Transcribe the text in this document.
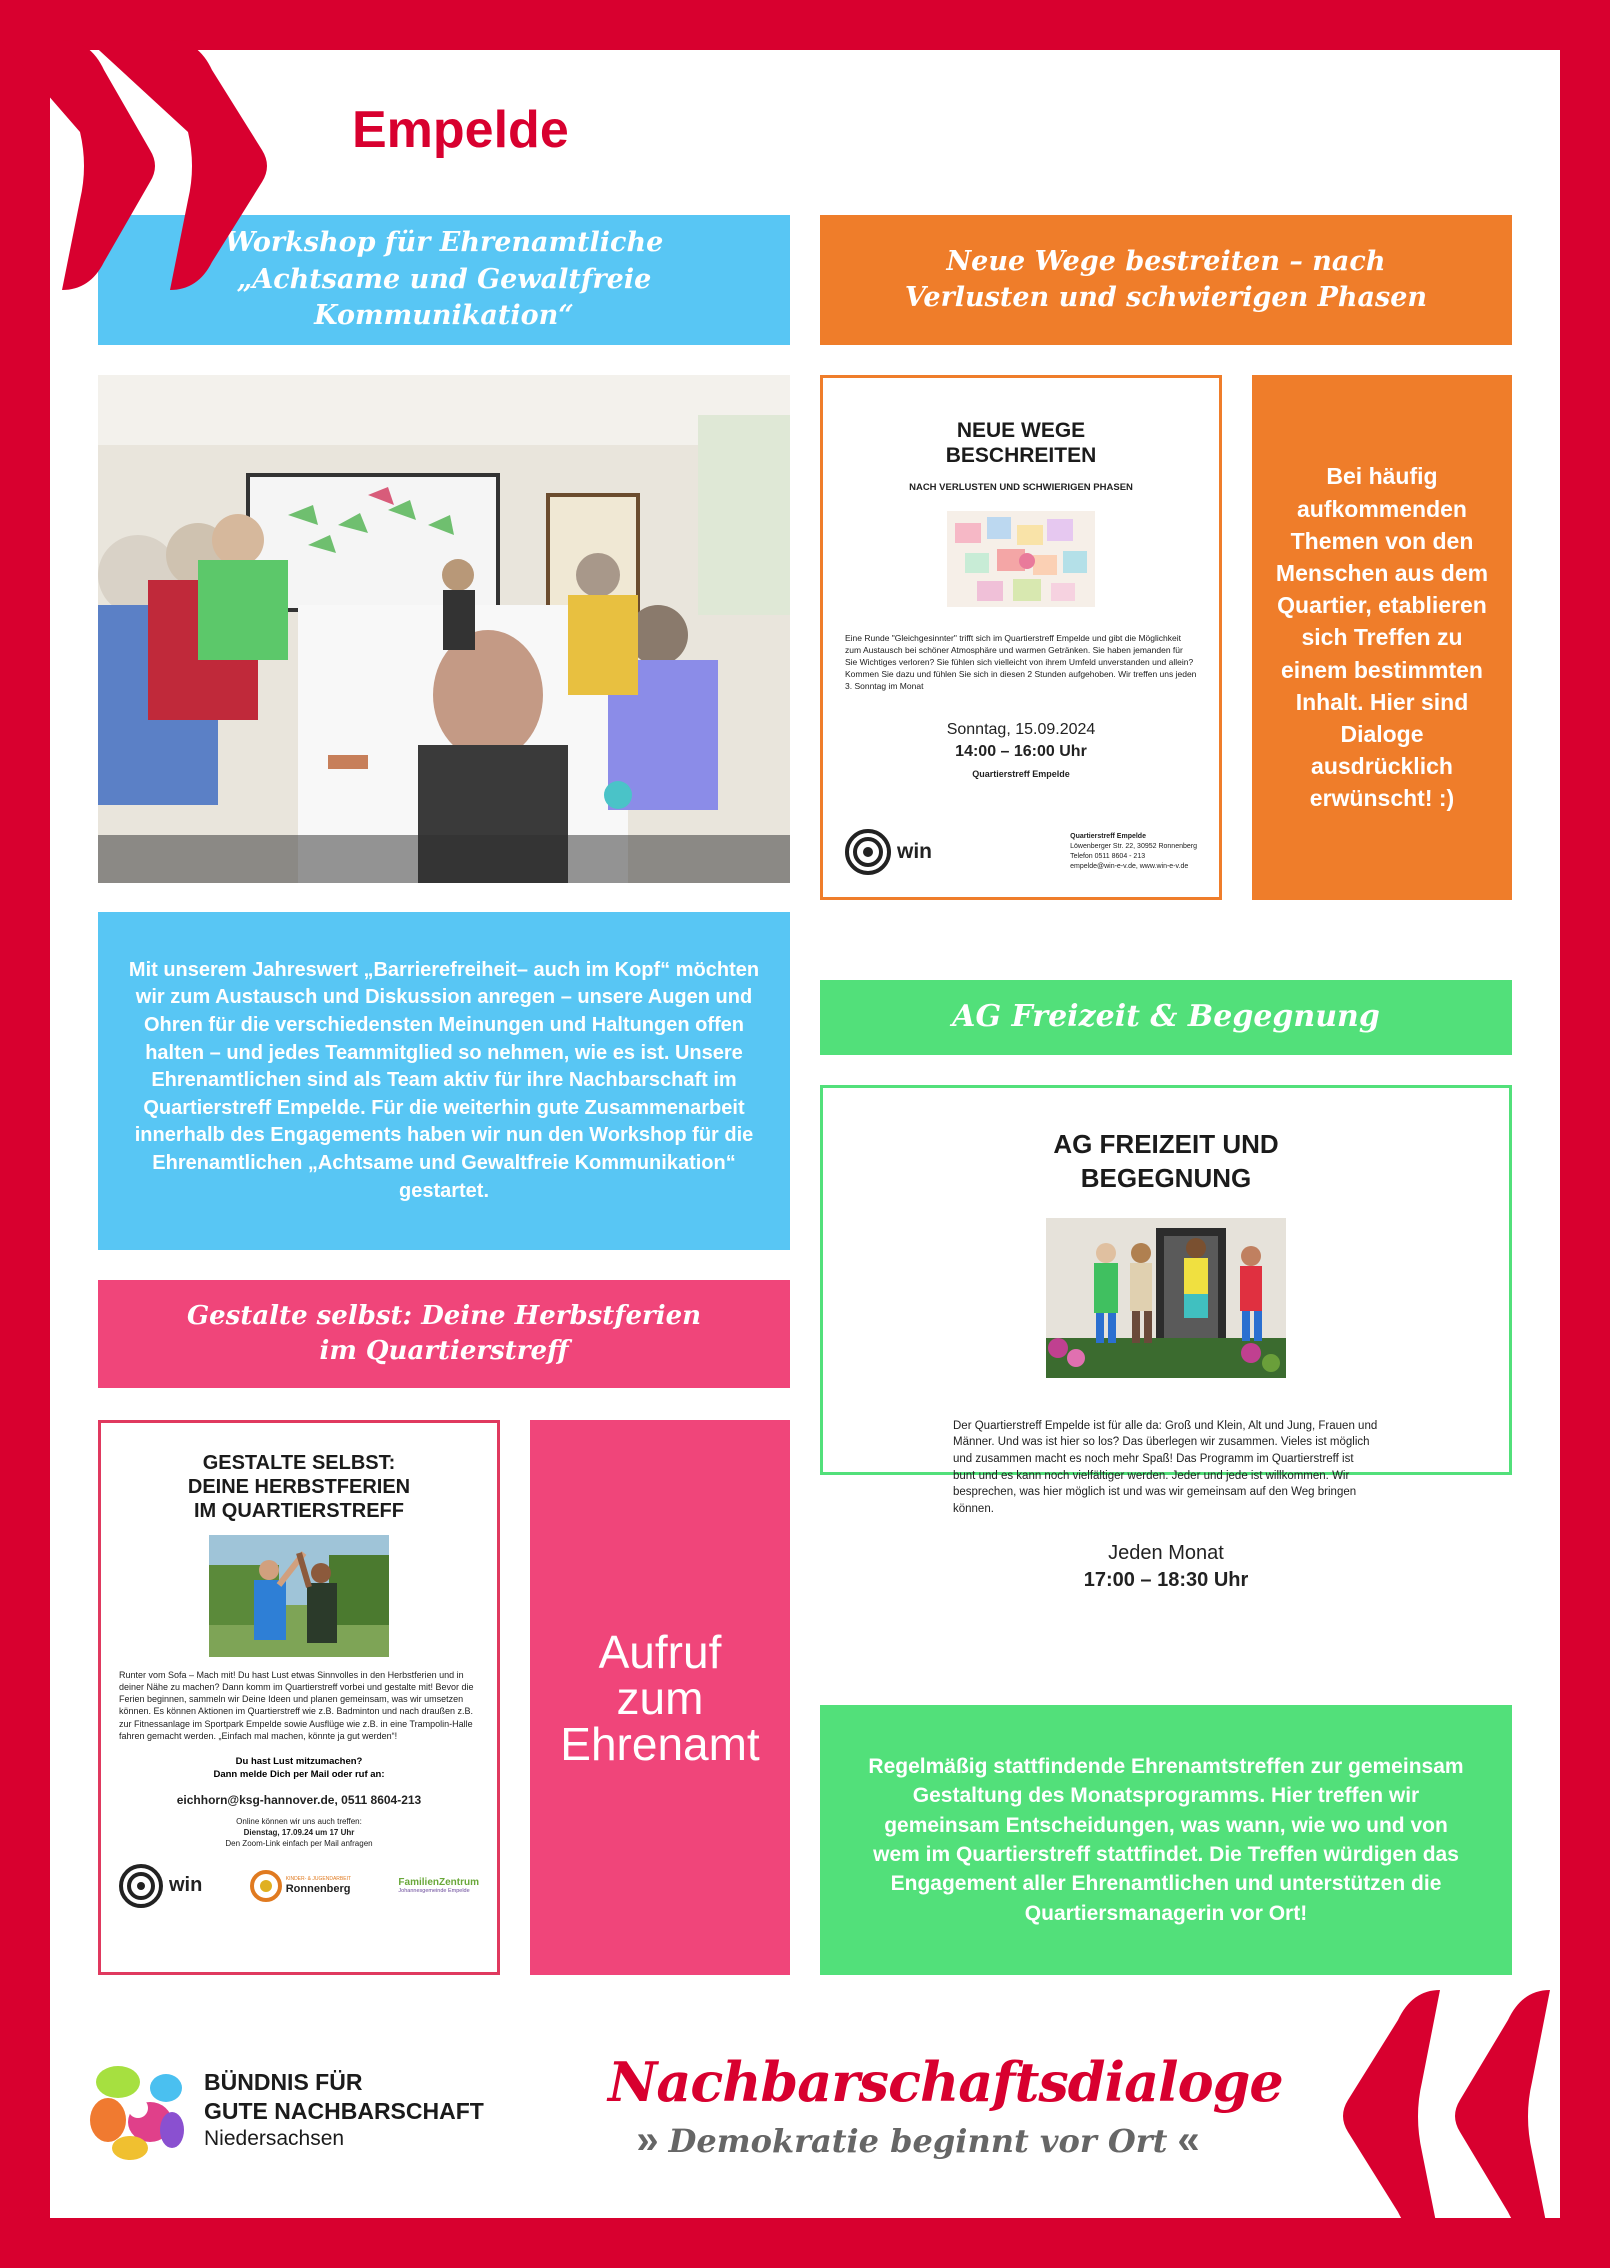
Empelde
Workshop für Ehrenamtliche
„Achtsame und Gewaltfreie Kommunikation“
Mit unserem Jahreswert „Barrierefreiheit– auch im Kopf“ möchten wir zum Austausch und Diskussion anregen – unsere Augen und Ohren für die verschiedensten Meinungen und Haltungen offen halten – und jedes Teammitglied so nehmen, wie es ist. Unsere Ehrenamtlichen sind als Team aktiv für ihre Nachbarschaft im Quartierstreff Empelde. Für die weiterhin gute Zusammenarbeit innerhalb des Engagements haben wir nun den Workshop für die Ehrenamtlichen „Achtsame und Gewaltfreie Kommunikation“ gestartet.
Gestalte selbst: Deine Herbstferien
im Quartierstreff
GESTALTE SELBST:
DEINE HERBSTFERIEN
IM QUARTIERSTREFF
Runter vom Sofa – Mach mit! Du hast Lust etwas Sinnvolles in den Herbstferien und in deiner Nähe zu machen? Dann komm im Quartierstreff vorbei und gestalte mit! Bevor die Ferien beginnen, sammeln wir Deine Ideen und planen gemeinsam, was wir umsetzen können. Es können Aktionen im Quartierstreff wie z.B. Badminton und nach draußen z.B. zur Fitnessanlage im Sportpark Empelde sowie Ausflüge wie z.B. in eine Trampolin-Halle fahren gemacht werden. „Einfach mal machen, könnte ja gut werden“!
Du hast Lust mitzumachen?
Dann melde Dich per Mail oder ruf an:
eichhorn@ksg-hannover.de, 0511 8604-213
Online können wir uns auch treffen:
Dienstag, 17.09.24 um 17 Uhr
Den Zoom-Link einfach per Mail anfragen
win	KINDER- & JUGENDARBEIT
Ronnenberg	FamilienZentrum
Johannesgemeinde Empelde
Aufruf
zum
Ehrenamt
Neue Wege bestreiten – nach
Verlusten und schwierigen Phasen
NEUE WEGE
BESCHREITEN
NACH VERLUSTEN UND SCHWIERIGEN PHASEN
Eine Runde "Gleichgesinnter" trifft sich im Quartierstreff Empelde und gibt die Möglichkeit zum Austausch bei schöner Atmosphäre und warmen Getränken. Sie haben jemanden für Sie Wichtiges verloren? Sie fühlen sich vielleicht von ihrem Umfeld unverstanden und allein? Kommen Sie dazu und fühlen Sie sich in diesen 2 Stunden aufgehoben. Wir treffen uns jeden 3. Sonntag im Monat
Sonntag, 15.09.2024
14:00 – 16:00 Uhr
Quartierstreff Empelde
win
Quartierstreff Empelde
Löwenberger Str. 22, 30952 Ronnenberg
Telefon 0511 8604 - 213
empelde@win-e-v.de, www.win-e-v.de
Bei häufig aufkommenden Themen von den Menschen aus dem Quartier, etablieren sich Treffen zu einem bestimmten Inhalt. Hier sind Dialoge ausdrücklich erwünscht! :)
AG Freizeit & Begegnung
AG FREIZEIT UND
BEGEGNUNG
Der Quartierstreff Empelde ist für alle da: Groß und Klein, Alt und Jung, Frauen und Männer. Und was ist hier so los? Das überlegen wir zusammen. Vieles ist möglich und zusammen macht es noch mehr Spaß! Das Programm im Quartierstreff ist bunt und es kann noch vielfältiger werden. Jeder und jede ist willkommen. Wir besprechen, was hier möglich ist und was wir gemeinsam auf den Weg bringen können.
Jeden Monat
17:00 – 18:30 Uhr
Regelmäßig stattfindende Ehrenamtstreffen zur gemeinsam Gestaltung des Monatsprogramms. Hier treffen wir gemeinsam Entscheidungen, was wann, wie wo und von wem im Quartierstreff stattfindet. Die Treffen würdigen das Engagement aller Ehrenamtlichen und unterstützen die Quartiersmanagerin vor Ort!
BÜNDNIS FÜR
GUTE NACHBARSCHAFT
Niedersachsen
Nachbarschaftsdialoge
» Demokratie beginnt vor Ort «
